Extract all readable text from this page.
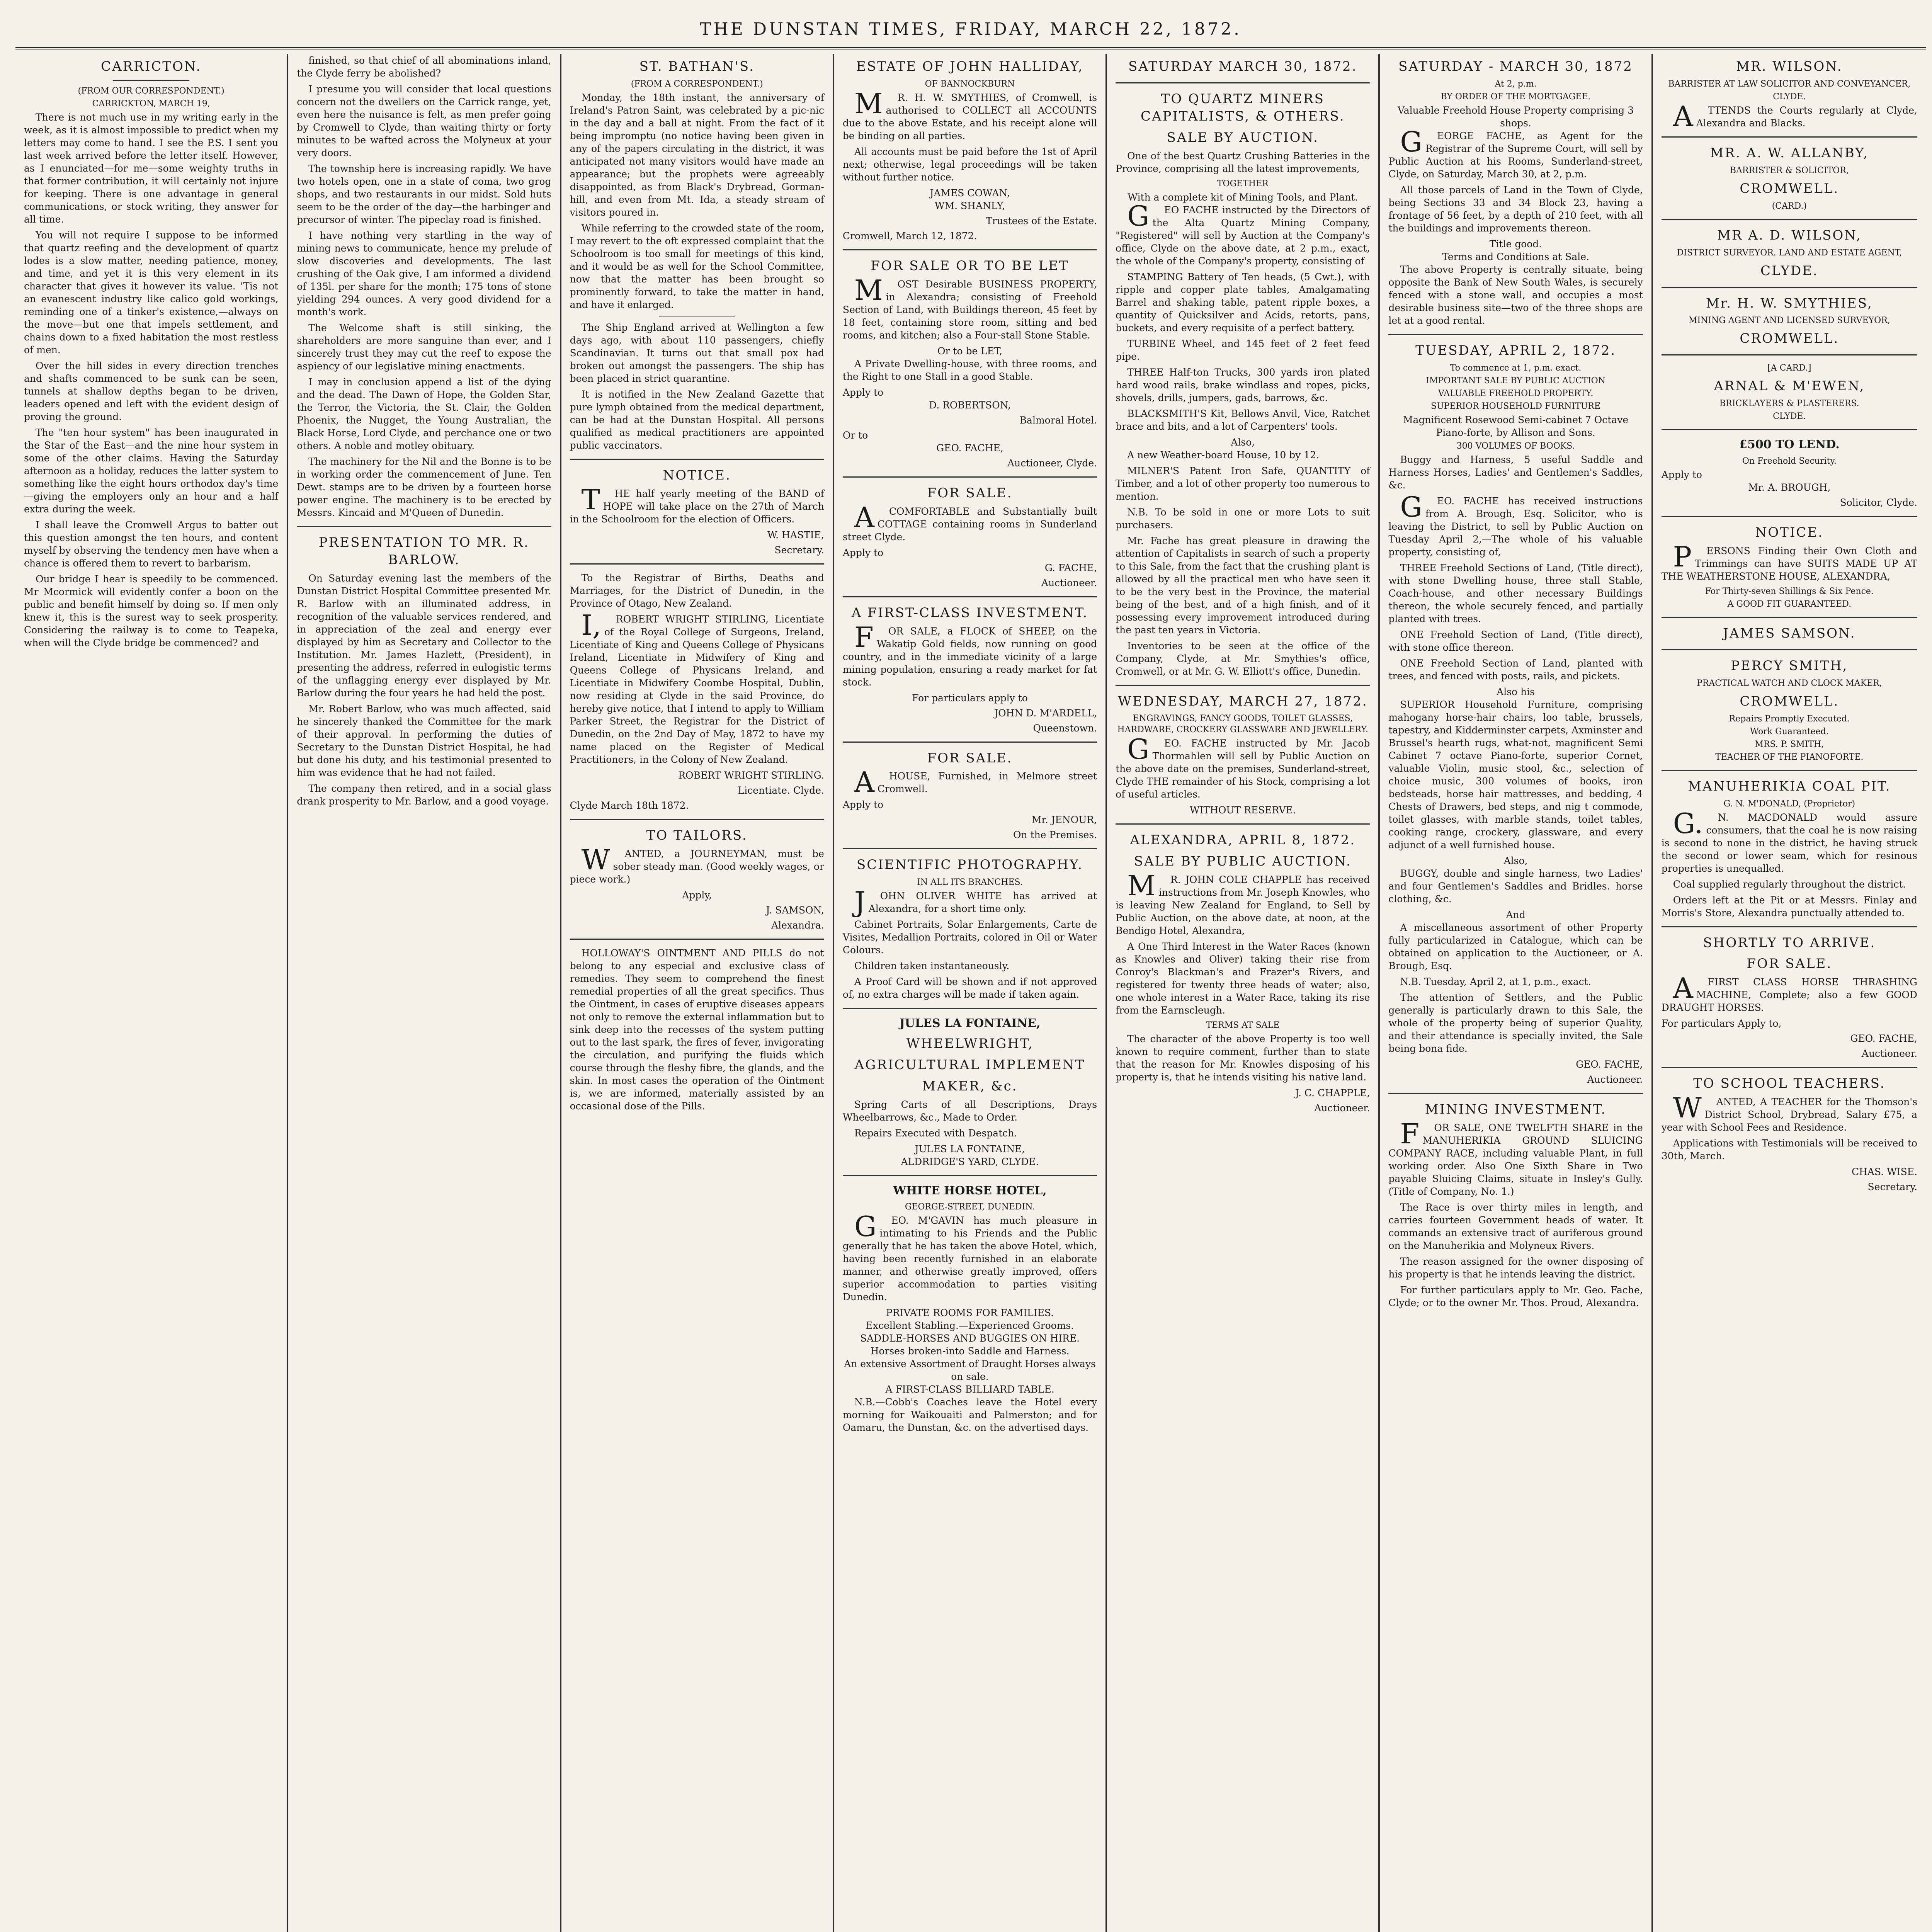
THE DUNSTAN TIMES, FRIDAY, MARCH 22, 1872.
CARRICTON.
(FROM OUR CORRESPONDENT.)
CARRICKTON, MARCH 19,

There is not much use in my writing early in the week, as it is almost impossible to predict when my letters may come to hand. I see the P.S. I sent you last week arrived before the letter itself. However, as I enunciated—for me—some weighty truths in that former contribution, it will certainly not injure for keeping. There is one advantage in general communications, or stock writing, they answer for all time.

You will not require I suppose to be informed that quartz reefing and the development of quartz lodes is a slow matter, needing patience, money, and time, and yet it is this very element in its character that gives it however its value. 'Tis not an evanescent industry like calico gold workings, reminding one of a tinker's existence,—always on the move—but one that impels settlement, and chains down to a fixed habitation the most restless of men.

Over the hill sides in every direction trenches and shafts commenced to be sunk can be seen, tunnels at shallow depths began to be driven, leaders opened and left with the evident design of proving the ground.

The "ten hour system" has been inaugurated in the Star of the East—and the nine hour system in some of the other claims. Having the Saturday afternoon as a holiday, reduces the latter system to something like the eight hours orthodox day's time—giving the employers only an hour and a half extra during the week.

I shall leave the Cromwell Argus to batter out this question amongst the ten hours, and content myself by observing the tendency men have when a chance is offered them to revert to barbarism.

Our bridge I hear is speedily to be commenced. Mr Mcormick will evidently confer a boon on the public and benefit himself by doing so. If men only knew it, this is the surest way to seek prosperity. Considering the railway is to come to Teapeka, when will the Clyde bridge be commenced? and

finished, so that chief of all abominations inland, the Clyde ferry be abolished?

I presume you will consider that local questions concern not the dwellers on the Carrick range, yet, even here the nuisance is felt, as men prefer going by Cromwell to Clyde, than waiting thirty or forty minutes to be wafted across the Molyneux at your very doors.

The township here is increasing rapidly. We have two hotels open, one in a state of coma, two grog shops, and two restaurants in our midst. Sold huts seem to be the order of the day—the harbinger and precursor of winter. The pipeclay road is finished.

I have nothing very startling in the way of mining news to communicate, hence my prelude of slow discoveries and developments. The last crushing of the Oak give, I am informed a dividend of 135l. per share for the month; 175 tons of stone yielding 294 ounces. A very good dividend for a month's work.

The Welcome shaft is still sinking, the shareholders are more sanguine than ever, and I sincerely trust they may cut the reef to expose the aspiency of our legislative mining enactments.

I may in conclusion append a list of the dying and the dead. The Dawn of Hope, the Golden Star, the Terror, the Victoria, the St. Clair, the Golden Phoenix, the Nugget, the Young Australian, the Black Horse, Lord Clyde, and perchance one or two others. A noble and motley obituary.

The machinery for the Nil and the Bonne is to be in working order the commencement of June. Ten Dewt. stamps are to be driven by a fourteen horse power engine. The machinery is to be erected by Messrs. Kincaid and M'Queen of Dunedin.

PRESENTATION TO MR. R. BARLOW.

On Saturday evening last the members of the Dunstan District Hospital Committee presented Mr. R. Barlow with an illuminated address, in recognition of the valuable services rendered, and in appreciation of the zeal and energy ever displayed by him as Secretary and Collector to the Institution. Mr. James Hazlett, (President), in presenting the address, referred in eulogistic terms of the unflagging energy ever displayed by Mr. Barlow during the four years he had held the post.

Mr. Robert Barlow, who was much affected, said he sincerely thanked the Committee for the mark of their approval. In performing the duties of Secretary to the Dunstan District Hospital, he had but done his duty, and his testimonial presented to him was evidence that he had not failed.

The company then retired, and in a social glass drank prosperity to Mr. Barlow, and a good voyage.

ST. BATHAN'S.
(FROM A CORRESPONDENT.)

Monday, the 18th instant, the anniversary of Ireland's Patron Saint, was celebrated by a pic-nic in the day and a ball at night. From the fact of it being impromptu (no notice having been given in any of the papers circulating in the district, it was anticipated not many visitors would have made an appearance; but the prophets were agreeably disappointed, as from Black's Drybread, Gorman-hill, and even from Mt. Ida, a steady stream of visitors poured in.

While referring to the crowded state of the room, I may revert to the oft expressed complaint that the Schoolroom is too small for meetings of this kind, and it would be as well for the School Committee, now that the matter has been brought so prominently forward, to take the matter in hand, and have it enlarged.

The Ship England arrived at Wellington a few days ago, with about 110 passengers, chiefly Scandinavian. It turns out that small pox had broken out amongst the passengers. The ship has been placed in strict quarantine.

It is notified in the New Zealand Gazette that pure lymph obtained from the medical department, can be had at the Dunstan Hospital. All persons qualified as medical practitioners are appointed public vaccinators.

NOTICE.

THE half yearly meeting of the BAND of HOPE will take place on the 27th of March in the Schoolroom for the election of Officers.

W. HASTIE,
Secretary.

To the Registrar of Births, Deaths and Marriages, for the District of Dunedin, in the Province of Otago, New Zealand.

I,ROBERT WRIGHT STIRLING, Licentiate of the Royal College of Surgeons, Ireland, Licentiate of King and Queens College of Physicans Ireland, Licentiate in Midwifery of King and Queens College of Physicans Ireland, and Licentiate in Midwifery Coombe Hospital, Dublin, now residing at Clyde in the said Province, do hereby give notice, that I intend to apply to William Parker Street, the Registrar for the District of Dunedin, on the 2nd Day of May, 1872 to have my name placed on the Register of Medical Practitioners, in the Colony of New Zealand.

ROBERT WRIGHT STIRLING.
Licentiate. Clyde.
Clyde March 18th 1872.
TO TAILORS.

WANTED, a JOURNEYMAN, must be sober steady man. (Good weekly wages, or piece work.)

Apply,
J. SAMSON,
Alexandra.

HOLLOWAY'S OINTMENT AND PILLS do not belong to any especial and exclusive class of remedies. They seem to comprehend the finest remedial properties of all the great specifics. Thus the Ointment, in cases of eruptive diseases appears not only to remove the external inflammation but to sink deep into the recesses of the system putting out to the last spark, the fires of fever, invigorating the circulation, and purifying the fluids which course through the fleshy fibre, the glands, and the skin. In most cases the operation of the Ointment is, we are informed, materially assisted by an occasional dose of the Pills.

ESTATE OF JOHN HALLIDAY,
OF BANNOCKBURN

MR. H. W. SMYTHIES, of Cromwell, is authorised to COLLECT all ACCOUNTS due to the above Estate, and his receipt alone will be binding on all parties.

All accounts must be paid before the 1st of April next; otherwise, legal proceedings will be taken without further notice.

JAMES COWAN,
WM. SHANLY,
Trustees of the Estate.
Cromwell, March 12, 1872.
FOR SALE OR TO BE LET

MOST Desirable BUSINESS PROPERTY, in Alexandra; consisting of Freehold Section of Land, with Buildings thereon, 45 feet by 18 feet, containing store room, sitting and bed rooms, and kitchen; also a Four-stall Stone Stable.

Or to be LET,

A Private Dwelling-house, with three rooms, and the Right to one Stall in a good Stable.

Apply to
D. ROBERTSON,
Balmoral Hotel.
Or to
GEO. FACHE,
Auctioneer, Clyde.
FOR SALE.

ACOMFORTABLE and Substantially built COTTAGE containing rooms in Sunderland street Clyde.

Apply to
G. FACHE,
Auctioneer.
A FIRST-CLASS INVESTMENT.

FOR SALE, a FLOCK of SHEEP, on the Wakatip Gold fields, now running on good country, and in the immediate vicinity of a large mining population, ensuring a ready market for fat stock.

For particulars apply to
JOHN D. M'ARDELL,
Queenstown.
FOR SALE.

AHOUSE, Furnished, in Melmore street Cromwell.

Apply to
Mr. JENOUR,
On the Premises.
SCIENTIFIC PHOTOGRAPHY.
IN ALL ITS BRANCHES.

JOHN OLIVER WHITE has arrived at Alexandra, for a short time only.

Cabinet Portraits, Solar Enlargements, Carte de Visites, Medallion Portraits, colored in Oil or Water Colours.

Children taken instantaneously.

A Proof Card will be shown and if not approved of, no extra charges will be made if taken again.

JULES LA FONTAINE,
WHEELWRIGHT,
AGRICULTURAL IMPLEMENT
MAKER, &c.

Spring Carts of all Descriptions, Drays Wheelbarrows, &c., Made to Order.

Repairs Executed with Despatch.

JULES LA FONTAINE,
ALDRIDGE'S YARD, CLYDE.
WHITE HORSE HOTEL,
GEORGE-STREET, DUNEDIN.

GEO. M'GAVIN has much pleasure in intimating to his Friends and the Public generally that he has taken the above Hotel, which, having been recently furnished in an elaborate manner, and otherwise greatly improved, offers superior accommodation to parties visiting Dunedin.

PRIVATE ROOMS FOR FAMILIES.
Excellent Stabling.—Experienced Grooms.
SADDLE-HORSES AND BUGGIES ON HIRE.
Horses broken-into Saddle and Harness.
An extensive Assortment of Draught Horses always on sale.
A FIRST-CLASS BILLIARD TABLE.

N.B.—Cobb's Coaches leave the Hotel every morning for Waikouaiti and Palmerston; and for Oamaru, the Dunstan, &c. on the advertised days.

SATURDAY MARCH 30, 1872.
TO QUARTZ MINERS CAPITALISTS, & OTHERS.
SALE BY AUCTION.

One of the best Quartz Crushing Batteries in the Province, comprising all the latest improvements,

TOGETHER
With a complete kit of Mining Tools, and Plant.

GEO FACHE instructed by the Directors of the Alta Quartz Mining Company, "Registered" will sell by Auction at the Company's office, Clyde on the above date, at 2 p.m., exact, the whole of the Company's property, consisting of

STAMPING Battery of Ten heads, (5 Cwt.), with ripple and copper plate tables, Amalgamating Barrel and shaking table, patent ripple boxes, a quantity of Quicksilver and Acids, retorts, pans, buckets, and every requisite of a perfect battery.

TURBINE Wheel, and 145 feet of 2 feet feed pipe.

THREE Half-ton Trucks, 300 yards iron plated hard wood rails, brake windlass and ropes, picks, shovels, drills, jumpers, gads, barrows, &c.

BLACKSMITH'S Kit, Bellows Anvil, Vice, Ratchet brace and bits, and a lot of Carpenters' tools.

Also,

A new Weather-board House, 10 by 12.

MILNER'S Patent Iron Safe, QUANTITY of Timber, and a lot of other property too numerous to mention.

N.B. To be sold in one or more Lots to suit purchasers.

Mr. Fache has great pleasure in drawing the attention of Capitalists in search of such a property to this Sale, from the fact that the crushing plant is allowed by all the practical men who have seen it to be the very best in the Province, the material being of the best, and of a high finish, and of it possessing every improvement introduced during the past ten years in Victoria.

Inventories to be seen at the office of the Company, Clyde, at Mr. Smythies's office, Cromwell, or at Mr. G. W. Elliott's office, Dunedin.

WEDNESDAY, MARCH 27, 1872.
ENGRAVINGS, FANCY GOODS, TOILET GLASSES, HARDWARE, CROCKERY GLASSWARE AND JEWELLERY.

GEO. FACHE instructed by Mr. Jacob Thormahlen will sell by Public Auction on the above date on the premises, Sunderland-street, Clyde THE remainder of his Stock, comprising a lot of useful articles.

WITHOUT RESERVE.
ALEXANDRA, APRIL 8, 1872.
SALE BY PUBLIC AUCTION.

MR. JOHN COLE CHAPPLE has received instructions from Mr. Joseph Knowles, who is leaving New Zealand for England, to Sell by Public Auction, on the above date, at noon, at the Bendigo Hotel, Alexandra,

A One Third Interest in the Water Races (known as Knowles and Oliver) taking their rise from Conroy's Blackman's and Frazer's Rivers, and registered for twenty three heads of water; also, one whole interest in a Water Race, taking its rise from the Earnscleugh.

TERMS AT SALE

The character of the above Property is too well known to require comment, further than to state that the reason for Mr. Knowles disposing of his property is, that he intends visiting his native land.

J. C. CHAPPLE,
Auctioneer.
SATURDAY - MARCH 30, 1872
At 2, p.m.
BY ORDER OF THE MORTGAGEE.
Valuable Freehold House Property comprising 3 shops.

GEORGE FACHE, as Agent for the Registrar of the Supreme Court, will sell by Public Auction at his Rooms, Sunderland-street, Clyde, on Saturday, March 30, at 2, p.m.

All those parcels of Land in the Town of Clyde, being Sections 33 and 34 Block 23, having a frontage of 56 feet, by a depth of 210 feet, with all the buildings and improvements thereon.

Title good.
Terms and Conditions at Sale.

The above Property is centrally situate, being opposite the Bank of New South Wales, is securely fenced with a stone wall, and occupies a most desirable business site—two of the three shops are let at a good rental.

TUESDAY, APRIL 2, 1872.
To commence at 1, p.m. exact.
IMPORTANT SALE BY PUBLIC AUCTION
VALUABLE FREEHOLD PROPERTY.
SUPERIOR HOUSEHOLD FURNITURE
Magnificent Rosewood Semi-cabinet 7 Octave Piano-forte, by Allison and Sons.
300 VOLUMES OF BOOKS.

Buggy and Harness, 5 useful Saddle and Harness Horses, Ladies' and Gentlemen's Saddles, &c.

GEO. FACHE has received instructions from A. Brough, Esq. Solicitor, who is leaving the District, to sell by Public Auction on Tuesday April 2,—The whole of his valuable property, consisting of,

THREE Freehold Sections of Land, (Title direct), with stone Dwelling house, three stall Stable, Coach-house, and other necessary Buildings thereon, the whole securely fenced, and partially planted with trees.

ONE Freehold Section of Land, (Title direct), with stone office thereon.

ONE Freehold Section of Land, planted with trees, and fenced with posts, rails, and pickets.

Also his

SUPERIOR Household Furniture, comprising mahogany horse-hair chairs, loo table, brussels, tapestry, and Kidderminster carpets, Axminster and Brussel's hearth rugs, what-not, magnificent Semi Cabinet 7 octave Piano-forte, superior Cornet, valuable Violin, music stool, &c., selection of choice music, 300 volumes of books, iron bedsteads, horse hair mattresses, and bedding, 4 Chests of Drawers, bed steps, and nig t commode, toilet glasses, with marble stands, toilet tables, cooking range, crockery, glassware, and every adjunct of a well furnished house.

Also,

BUGGY, double and single harness, two Ladies' and four Gentlemen's Saddles and Bridles. horse clothing, &c.

And

A miscellaneous assortment of other Property fully particularized in Catalogue, which can be obtained on application to the Auctioneer, or A. Brough, Esq.

N.B. Tuesday, April 2, at 1, p.m., exact.

The attention of Settlers, and the Public generally is particularly drawn to this Sale, the whole of the property being of superior Quality, and their attendance is specially invited, the Sale being bona fide.

GEO. FACHE,
Auctioneer.
MINING INVESTMENT.

FOR SALE, ONE TWELFTH SHARE in the MANUHERIKIA GROUND SLUICING COMPANY RACE, including valuable Plant, in full working order. Also One Sixth Share in Two payable Sluicing Claims, situate in Insley's Gully. (Title of Company, No. 1.)

The Race is over thirty miles in length, and carries fourteen Government heads of water. It commands an extensive tract of auriferous ground on the Manuherikia and Molyneux Rivers.

The reason assigned for the owner disposing of his property is that he intends leaving the district.

For further particulars apply to Mr. Geo. Fache, Clyde; or to the owner Mr. Thos. Proud, Alexandra.

MR. WILSON.
BARRISTER AT LAW SOLICITOR AND CONVEYANCER,
CLYDE.

ATTENDS the Courts regularly at Clyde, Alexandra and Blacks.

MR. A. W. ALLANBY,
BARRISTER & SOLICITOR,
CROMWELL.
(CARD.)
MR A. D. WILSON,
DISTRICT SURVEYOR. LAND AND ESTATE AGENT,
CLYDE.
Mr. H. W. SMYTHIES,
MINING AGENT AND LICENSED SURVEYOR,
CROMWELL.
[A CARD.]
ARNAL & M'EWEN,
BRICKLAYERS & PLASTERERS.
CLYDE.
£500 TO LEND.
On Freehold Security.
Apply to
Mr. A. BROUGH,
Solicitor, Clyde.
NOTICE.

PERSONS Finding their Own Cloth and Trimmings can have SUITS MADE UP AT THE WEATHERSTONE HOUSE, ALEXANDRA,

For Thirty-seven Shillings & Six Pence.
A GOOD FIT GUARANTEED.
JAMES SAMSON.
PERCY SMITH,
PRACTICAL WATCH AND CLOCK MAKER,
CROMWELL.
Repairs Promptly Executed.
Work Guaranteed.
MRS. P. SMITH,
TEACHER OF THE PIANOFORTE.
MANUHERIKIA COAL PIT.
G. N. M'DONALD, (Proprietor)

G.N. MACDONALD would assure consumers, that the coal he is now raising is second to none in the district, he having struck the second or lower seam, which for resinous properties is unequalled.

Coal supplied regularly throughout the district.

Orders left at the Pit or at Messrs. Finlay and Morris's Store, Alexandra punctually attended to.

SHORTLY TO ARRIVE.
FOR SALE.

AFIRST CLASS HORSE THRASHING MACHINE, Complete; also a few GOOD DRAUGHT HORSES.

For particulars Apply to,
GEO. FACHE,
Auctioneer.
TO SCHOOL TEACHERS.

WANTED, A TEACHER for the Thomson's District School, Drybread, Salary £75, a year with School Fees and Residence.

Applications with Testimonials will be received to 30th, March.

CHAS. WISE.
Secretary.
